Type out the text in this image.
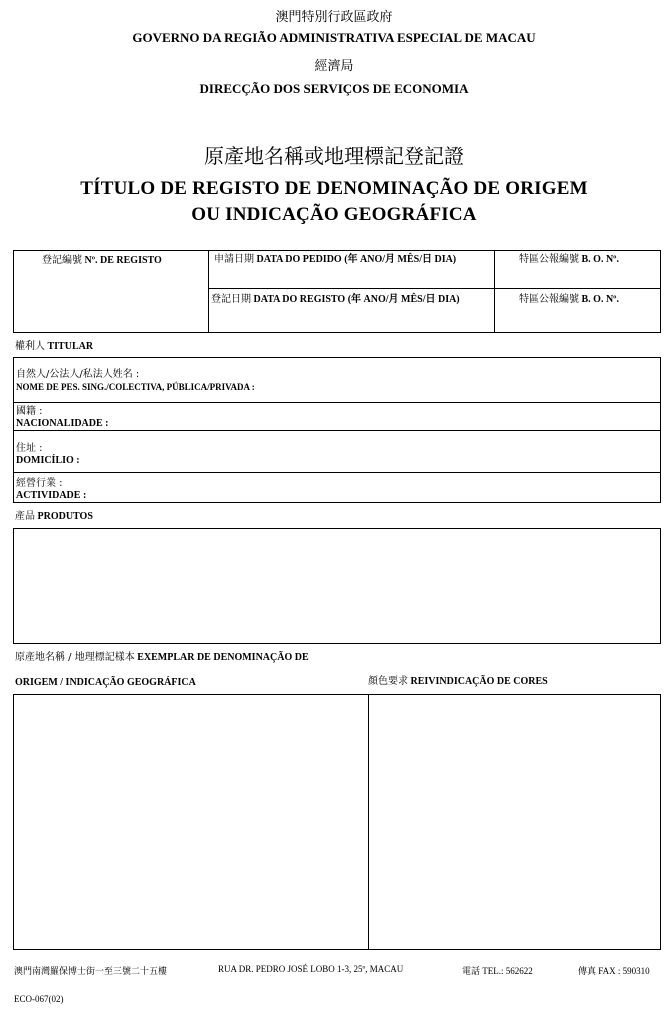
澳門特別行政區政府
GOVERNO DA REGIÃO ADMINISTRATIVA ESPECIAL DE MACAU
經濟局
DIRECÇÃO DOS SERVIÇOS DE ECONOMIA
原產地名稱或地理標記登記證
TÍTULO DE REGISTO DE DENOMINAÇÃO DE ORIGEM
OU INDICAÇÃO GEOGRÁFICA
登記編號 Nº. DE REGISTO	申請日期 DATA DO PEDIDO (年 ANO/月 MÊS/日 DIA)	特區公報編號 B. O. Nº.
登記日期 DATA DO REGISTO (年 ANO/月 MÊS/日 DIA)	特區公報編號 B. O. Nº.
權利人 TITULAR
自然人/公法人/私法人姓名 :
NOME DE PES. SING./COLECTIVA, PÚBLICA/PRIVADA :
國籍 :
NACIONALIDADE :
住址 :
DOMICÍLIO :
經營行業 :
ACTIVIDADE :
產品 PRODUTOS
原產地名稱 / 地理標記樣本 EXEMPLAR DE DENOMINAÇÃO DE
ORIGEM / INDICAÇÃO GEOGRÁFICA	顏色要求 REIVINDICAÇÃO DE CORES
澳門南灣羅保博士街一至三號二十五樓	RUA DR. PEDRO JOSÉ LOBO 1-3, 25º, MACAU	電話 TEL.: 562622	傳真 FAX : 590310
ECO-067(02)
